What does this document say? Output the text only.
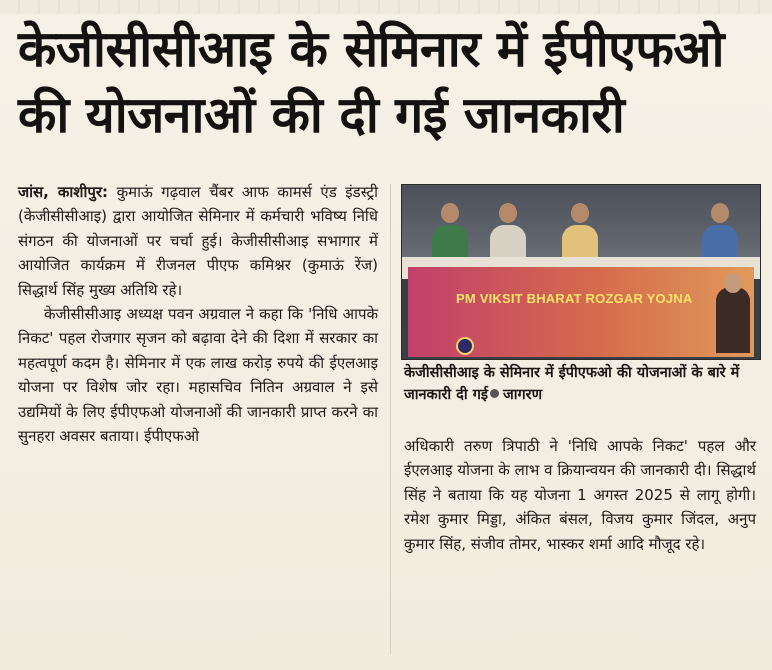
केजीसीसीआइ के सेमिनार में ईपीएफओ
की योजनाओं की दी गई जानकारी

जांस, काशीपुर: कुमाऊं गढ़वाल चैंबर आफ कामर्स एंड इंडस्ट्री (केजीसीसीआइ) द्वारा आयोजित सेमिनार में कर्मचारी भविष्य निधि संगठन की योजनाओं पर चर्चा हुई। केजीसीसीआइ सभागार में आयोजित कार्यक्रम में रीजनल पीएफ कमिश्नर (कुमाऊं रेंज) सिद्धार्थ सिंह मुख्य अतिथि रहे।

केजीसीसीआइ अध्यक्ष पवन अग्रवाल ने कहा कि 'निधि आपके निकट' पहल रोजगार सृजन को बढ़ावा देने की दिशा में सरकार का महत्वपूर्ण कदम है। सेमिनार में एक लाख करोड़ रुपये की ईएलआइ योजना पर विशेष जोर रहा। महासचिव नितिन अग्रवाल ने इसे उद्यमियों के लिए ईपीएफओ योजनाओं की जानकारी प्राप्त करने का सुनहरा अवसर बताया। ईपीएफओ

PM VIKSIT BHARAT ROZGAR YOJNA
केजीसीसीआइ के सेमिनार में ईपीएफओ की योजनाओं के बारे में जानकारी दी गई जागरण

अधिकारी तरुण त्रिपाठी ने 'निधि आपके निकट' पहल और ईएलआइ योजना के लाभ व क्रियान्वयन की जानकारी दी। सिद्धार्थ सिंह ने बताया कि यह योजना 1 अगस्त 2025 से लागू होगी। रमेश कुमार मिड्डा, अंकित बंसल, विजय कुमार जिंदल, अनुप कुमार सिंह, संजीव तोमर, भास्कर शर्मा आदि मौजूद रहे।
